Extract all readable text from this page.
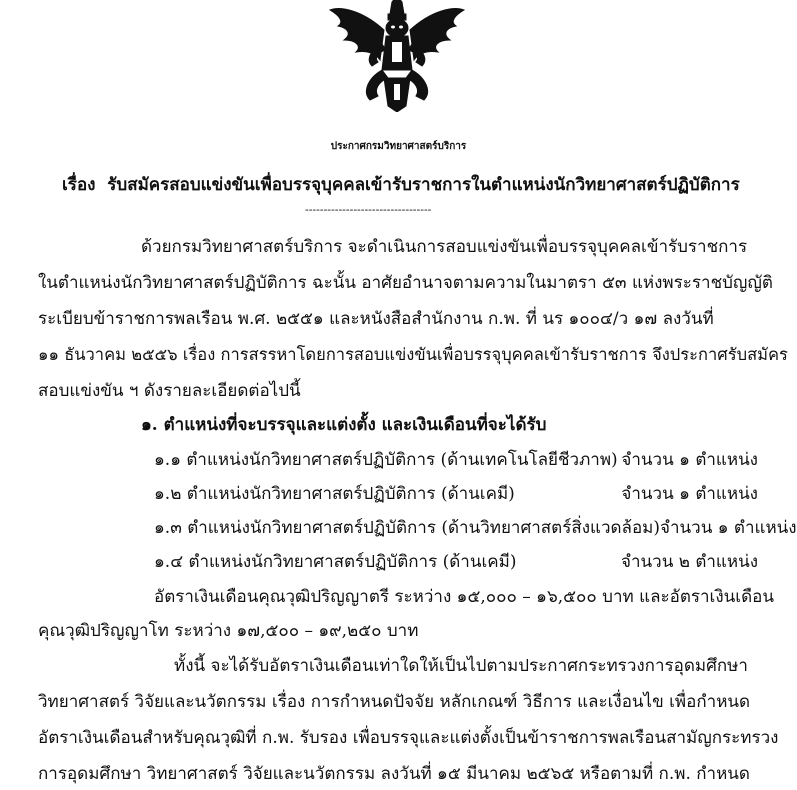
ประกาศกรมวิทยาศาสตร์บริการ
เรื่อง รับสมัครสอบแข่งขันเพื่อบรรจุบุคคลเข้ารับราชการในตำแหน่งนักวิทยาศาสตร์ปฏิบัติการ
----------------------------------
ด้วยกรมวิทยาศาสตร์บริการ จะดำเนินการสอบแข่งขันเพื่อบรรจุบุคคลเข้ารับราชการ
ในตำแหน่งนักวิทยาศาสตร์ปฏิบัติการ ฉะนั้น อาศัยอำนาจตามความในมาตรา ๕๓ แห่งพระราชบัญญัติ
ระเบียบข้าราชการพลเรือน พ.ศ. ๒๕๕๑ และหนังสือสำนักงาน ก.พ. ที่ นร ๑๐๐๔/ว ๑๗ ลงวันที่
๑๑ ธันวาคม ๒๕๕๖ เรื่อง การสรรหาโดยการสอบแข่งขันเพื่อบรรจุบุคคลเข้ารับราชการ จึงประกาศรับสมัคร
สอบแข่งขัน ฯ ดังรายละเอียดต่อไปนี้
๑. ตำแหน่งที่จะบรรจุและแต่งตั้ง และเงินเดือนที่จะได้รับ
๑.๑ ตำแหน่งนักวิทยาศาสตร์ปฏิบัติการ (ด้านเทคโนโลยีชีวภาพ) จำนวน ๑ ตำแหน่ง
๑.๒ ตำแหน่งนักวิทยาศาสตร์ปฏิบัติการ (ด้านเคมี)	จำนวน ๑ ตำแหน่ง
๑.๓ ตำแหน่งนักวิทยาศาสตร์ปฏิบัติการ (ด้านวิทยาศาสตร์สิ่งแวดล้อม) จำนวน ๑ ตำแหน่ง
๑.๔ ตำแหน่งนักวิทยาศาสตร์ปฏิบัติการ (ด้านเคมี)	จำนวน ๒ ตำแหน่ง
อัตราเงินเดือนคุณวุฒิปริญญาตรี ระหว่าง ๑๕,๐๐๐ – ๑๖,๕๐๐ บาท และอัตราเงินเดือน
คุณวุฒิปริญญาโท ระหว่าง ๑๗,๕๐๐ – ๑๙,๒๕๐ บาท
ทั้งนี้ จะได้รับอัตราเงินเดือนเท่าใดให้เป็นไปตามประกาศกระทรวงการอุดมศึกษา
วิทยาศาสตร์ วิจัยและนวัตกรรม เรื่อง การกำหนดปัจจัย หลักเกณฑ์ วิธีการ และเงื่อนไข เพื่อกำหนด
อัตราเงินเดือนสำหรับคุณวุฒิที่ ก.พ. รับรอง เพื่อบรรจุและแต่งตั้งเป็นข้าราชการพลเรือนสามัญกระทรวง
การอุดมศึกษา วิทยาศาสตร์ วิจัยและนวัตกรรม ลงวันที่ ๑๕ มีนาคม ๒๕๖๕ หรือตามที่ ก.พ. กำหนด
